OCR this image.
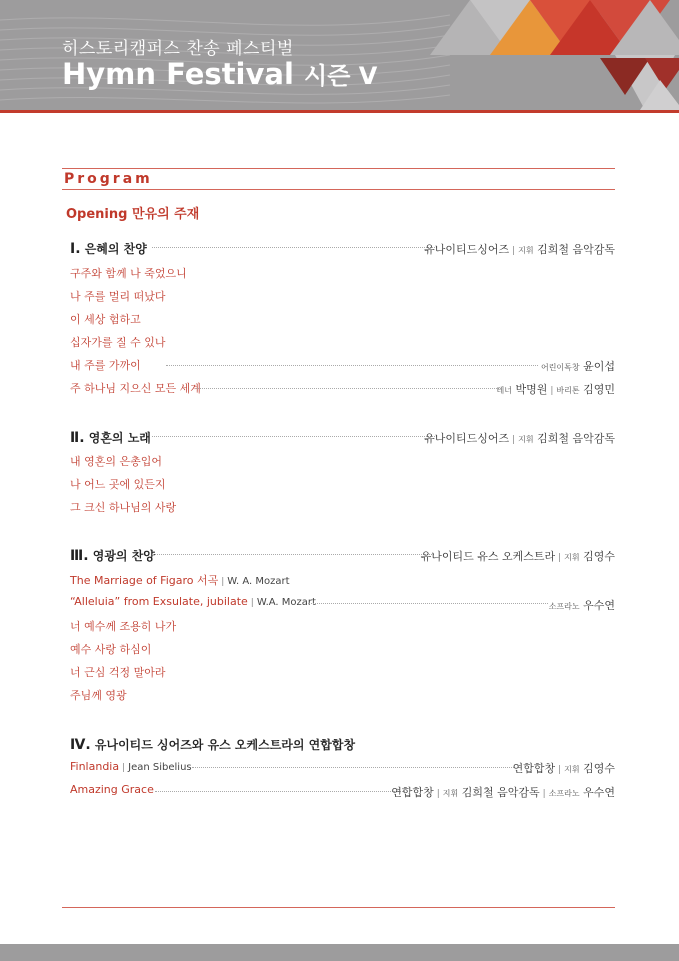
히스토리캠퍼스 찬송 페스티벌
Hymn Festival 시즌 Ⅴ
Program
Opening 만유의 주재
Ⅰ. 은혜의 찬양	유나이티드싱어즈 | 지휘 김희철 음악감독
구주와 함께 나 죽었으니
나 주를 멀리 떠났다
이 세상 험하고
십자가를 질 수 있나
내 주를 가까이	어린이독창 윤이섭
주 하나님 지으신 모든 세계	테너 박명원 | 바리톤 김영민
Ⅱ. 영혼의 노래	유나이티드싱어즈 | 지휘 김희철 음악감독
내 영혼의 은총입어
나 어느 곳에 있든지
그 크신 하나님의 사랑
Ⅲ. 영광의 찬양	유나이티드 유스 오케스트라 | 지휘 김영수
The Marriage of Figaro 서곡 | W. A. Mozart
“Alleluia” from Exsulate, jubilate | W.A. Mozart	소프라노 우수연
너 예수께 조용히 나가
예수 사랑 하심이
너 근심 걱정 말아라
주님께 영광
Ⅳ. 유나이티드 싱어즈와 유스 오케스트라의 연합합창
Finlandia | Jean Sibelius	연합합창 | 지휘 김영수
Amazing Grace	연합합창 | 지휘 김희철 음악감독 | 소프라노 우수연
